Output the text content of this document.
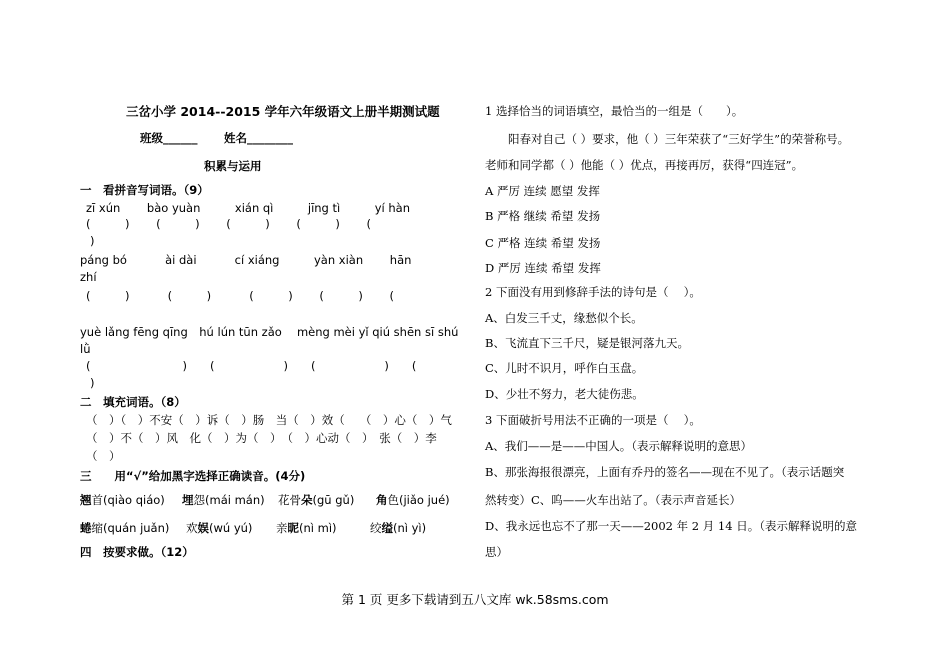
三岔小学 2014--2015 学年六年级语文上册半期测试题
班级______ 姓名________
积累与运用
一　看拼音写词语。（9）
zī xún　　 bào yuàn　　　xián qì　　　jīng tì　　　yí hàn
(　　　)　　 (　　　)　　 (　　　)　　 (　　　)　　 (
)
páng bó　　　 ài dài　　　 cí xiáng　　　yàn xiàn　　 hān
zhí
(　　　)　　　 (　　　)　　　 (　　　)　　 (　　　)　　 (
yuè lǎng fēng qīng　hú lún tūn zǎo　 mèng mèi yǐ qiú shēn sī shú
lǜ
(　　　　　　　　)　　(　　　　　　)　　(　　　　　　)　　(
)
二　填充词语。（8）
（　）（　）不安（　）诉（　）肠　当（　）效（　 （　）心（　）气
（　）不（　）风　化（　）为（　）　（　）心动（　）　张（　）李
（　）
三　　用“√”给加黑字选择正确读音。(4分)
翘首(qiào qiáo) 埋怨(mái mán) 花骨朵(gū gǔ) 角色(jiǎo jué)
蜷缩(quán juǎn) 欢娱(wú yú) 亲昵(nì mì)	绞缢(nì yì)
四　按要求做。（12）
1 选择恰当的词语填空，最恰当的一组是（　　）。
　　阳春对自己（ ）要求，他（ ）三年荣获了“三好学生”的荣誉称号。
老师和同学都（ ）他能（ ）优点，再接再厉，获得“四连冠”。
A 严厉 连续 愿望 发挥
B 严格 继续 希望 发扬
C 严格 连续 希望 发扬
D 严厉 连续 希望 发挥
2 下面没有用到修辞手法的诗句是（　 ）。
A、白发三千丈，缘愁似个长。
B、飞流直下三千尺，疑是银河落九天。
C、儿时不识月，呼作白玉盘。
D、少壮不努力，老大徒伤悲。
3 下面破折号用法不正确的一项是（　 ）。
A、我们——是——中国人。（表示解释说明的意思）
B、那张海报很漂亮，上面有乔丹的签名——现在不见了。（表示话题突
然转变）C、呜——火车出站了。（表示声音延长）
D、我永远也忘不了那一天——2002 年 2 月 14 日。（表示解释说明的意
思）
第 1 页 更多下载请到五八文库 wk.58sms.com
